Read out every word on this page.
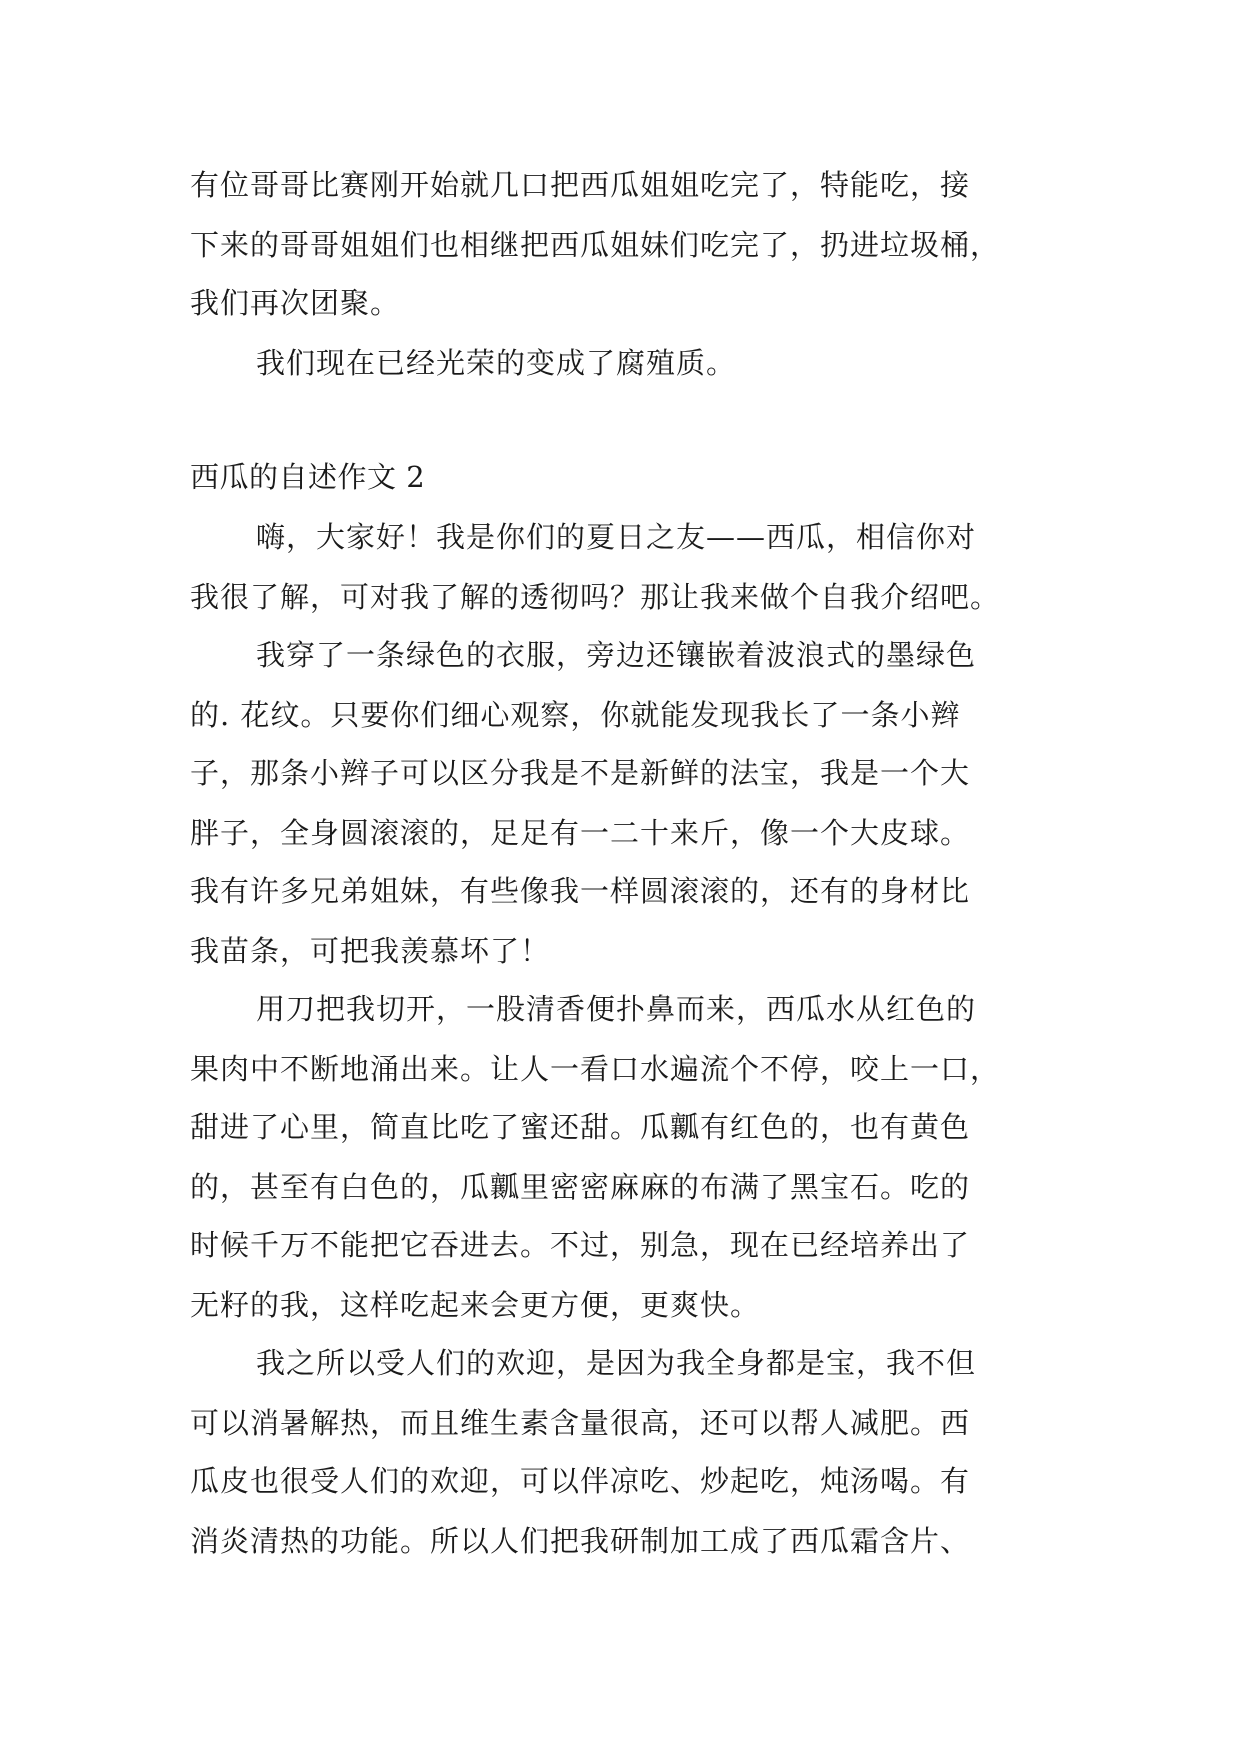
有位哥哥比赛刚开始就几口把西瓜姐姐吃完了，特能吃，接
下来的哥哥姐姐们也相继把西瓜姐妹们吃完了，扔进垃圾桶，
我们再次团聚。
我们现在已经光荣的变成了腐殖质。
西瓜的自述作文 2
嗨，大家好！我是你们的夏日之友——西瓜，相信你对
我很了解，可对我了解的透彻吗？那让我来做个自我介绍吧。
我穿了一条绿色的衣服，旁边还镶嵌着波浪式的墨绿色
的. 花纹。只要你们细心观察，你就能发现我长了一条小辫
子，那条小辫子可以区分我是不是新鲜的法宝，我是一个大
胖子，全身圆滚滚的，足足有一二十来斤，像一个大皮球。
我有许多兄弟姐妹，有些像我一样圆滚滚的，还有的身材比
我苗条，可把我羡慕坏了！
用刀把我切开，一股清香便扑鼻而来，西瓜水从红色的
果肉中不断地涌出来。让人一看口水遍流个不停，咬上一口，
甜进了心里，简直比吃了蜜还甜。瓜瓤有红色的，也有黄色
的，甚至有白色的，瓜瓤里密密麻麻的布满了黑宝石。吃的
时候千万不能把它吞进去。不过，别急，现在已经培养出了
无籽的我，这样吃起来会更方便，更爽快。
我之所以受人们的欢迎，是因为我全身都是宝，我不但
可以消暑解热，而且维生素含量很高，还可以帮人减肥。西
瓜皮也很受人们的欢迎，可以伴凉吃、炒起吃，炖汤喝。有
消炎清热的功能。所以人们把我研制加工成了西瓜霜含片、
